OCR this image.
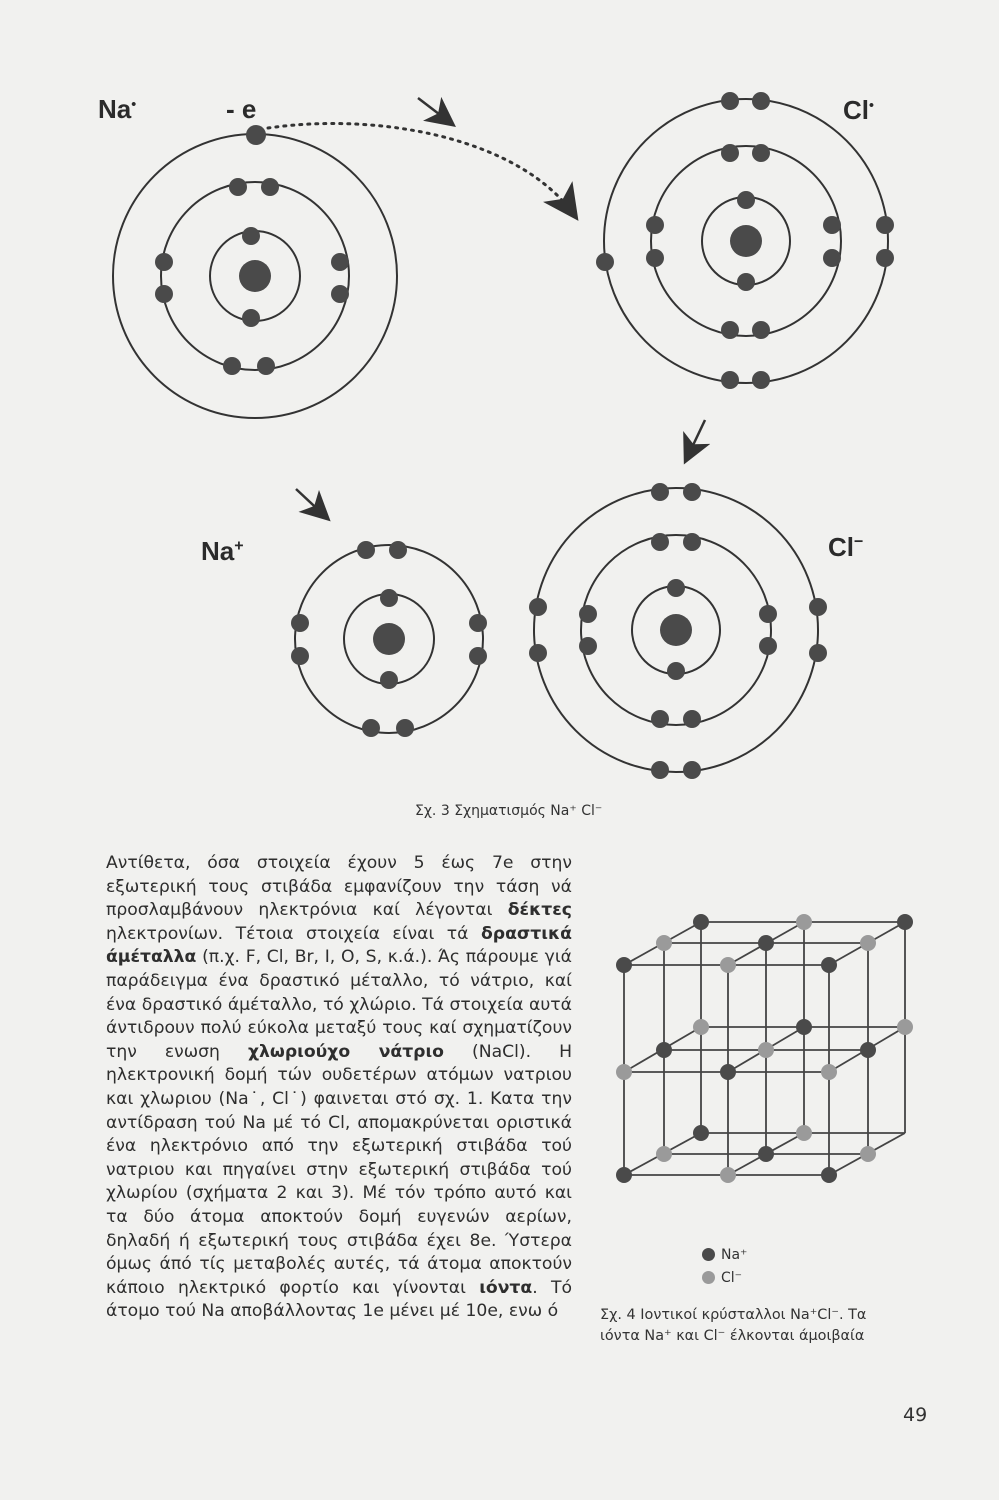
Na•	- e	Cl•
Na+	Cl−
Σχ. 3 Σχηματισμός Na⁺ Cl⁻
Αντίθετα, όσα στοιχεία έχουν 5 έως 7e στην εξωτερική τους στιβάδα εμφανίζουν την τάση νά προσλαμβάνουν ηλεκτρόνια καί λέγονται δέκτες ηλεκτρονίων. Τέτοια στοιχεία είναι τά δραστικά άμέταλλα (π.χ. F, Cl, Br, I, O, S, κ.ά.). Άς πάρουμε γιά παράδειγμα ένα δραστικό μέταλλο, τό νάτριο, καί ένα δραστικό άμέταλλο, τό χλώριο. Τά στοιχεία αυτά άντιδρουν πολύ εύκολα μεταξύ τους καί σχηματίζουν την ενωση χλωριούχο νάτριο (NaCl). Η ηλεκτρονική δομή τών ουδετέρων ατόμων νατριου και χλωριου (Na˙, Cl˙) φαινεται στό σχ. 1. Κατα την αντίδραση τού Na μέ τό Cl, απομακρύνεται οριστικά ένα ηλεκτρόνιο από την εξωτερική στιβάδα τού νατριου και πηγαίνει στην εξωτερική στιβάδα τού χλωρίου (σχήματα 2 και 3). Μέ τόν τρόπο αυτό και τα δύο άτομα αποκτούν δομή ευγενών αερίων, δηλαδή ή εξωτερική τους στιβάδα έχει 8e. Ύστερα όμως άπό τίς μεταβολές αυτές, τά άτομα αποκτούν κάποιο ηλεκτρικό φορτίο και γίνονται ιόντα. Τό άτομο τού Na αποβάλλοντας 1e μένει μέ 10e, ενω ό
Na⁺
Cl⁻
Σχ. 4 Ιοντικοί κρύσταλλοι Na⁺Cl⁻. Τα ιόντα Na⁺ και Cl⁻ έλκονται άμοιβαία
49
